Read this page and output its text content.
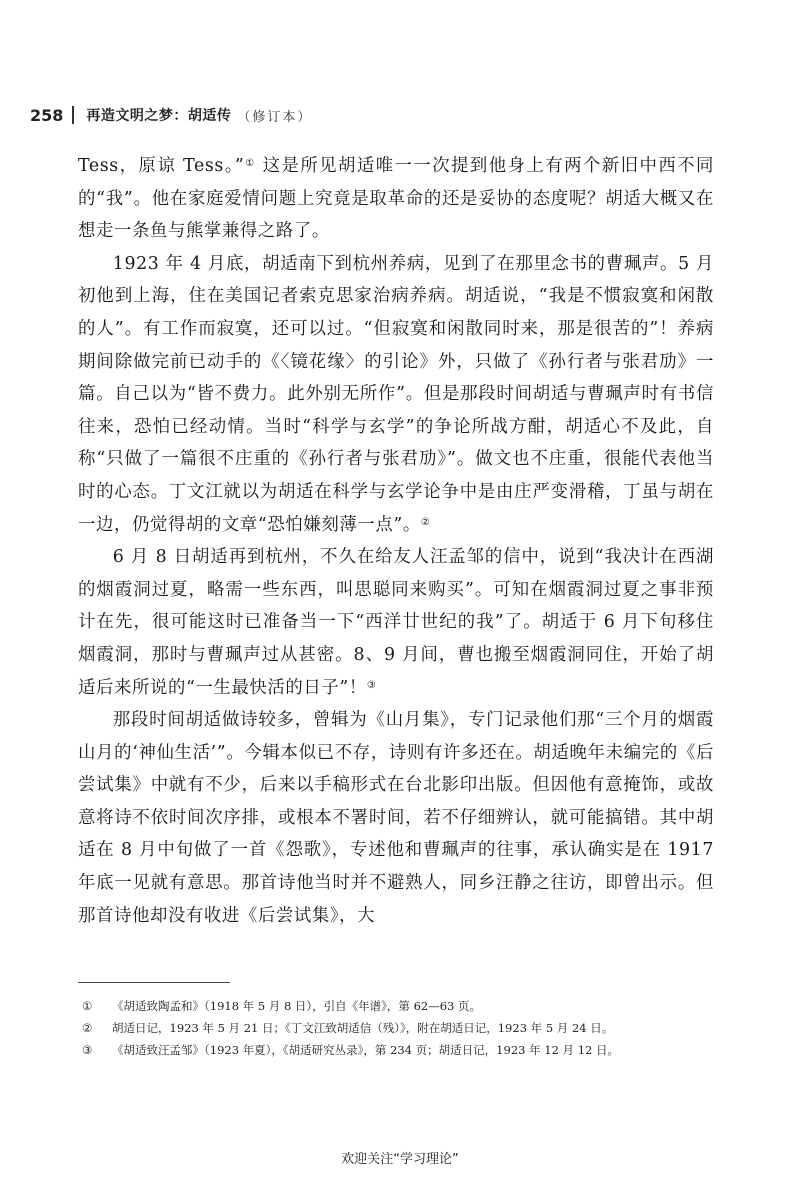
258 再造文明之梦：胡适传 （修订本）

Tess，原谅 Tess。”① 这是所见胡适唯一一次提到他身上有两个新旧中西不同的“我”。他在家庭爱情问题上究竟是取革命的还是妥协的态度呢？胡适大概又在想走一条鱼与熊掌兼得之路了。

1923 年 4 月底，胡适南下到杭州养病，见到了在那里念书的曹珮声。5 月初他到上海，住在美国记者索克思家治病养病。胡适说，“我是不惯寂寞和闲散的人”。有工作而寂寞，还可以过。“但寂寞和闲散同时来，那是很苦的”！养病期间除做完前已动手的《〈镜花缘〉的引论》外，只做了《孙行者与张君劢》一篇。自己以为“皆不费力。此外别无所作”。但是那段时间胡适与曹珮声时有书信往来，恐怕已经动情。当时“科学与玄学”的争论所战方酣，胡适心不及此，自称“只做了一篇很不庄重的《孙行者与张君劢》”。做文也不庄重，很能代表他当时的心态。丁文江就以为胡适在科学与玄学论争中是由庄严变滑稽，丁虽与胡在一边，仍觉得胡的文章“恐怕嫌刻薄一点”。②

6 月 8 日胡适再到杭州，不久在给友人汪孟邹的信中，说到“我决计在西湖的烟霞洞过夏，略需一些东西，叫思聪同来购买”。可知在烟霞洞过夏之事非预计在先，很可能这时已准备当一下“西洋廿世纪的我”了。胡适于 6 月下旬移住烟霞洞，那时与曹珮声过从甚密。8、9 月间，曹也搬至烟霞洞同住，开始了胡适后来所说的“一生最快活的日子”！③

那段时间胡适做诗较多，曾辑为《山月集》，专门记录他们那“三个月的烟霞山月的‘神仙生活’”。今辑本似已不存，诗则有许多还在。胡适晚年未编完的《后尝试集》中就有不少，后来以手稿形式在台北影印出版。但因他有意掩饰，或故意将诗不依时间次序排，或根本不署时间，若不仔细辨认，就可能搞错。其中胡适在 8 月中旬做了一首《怨歌》，专述他和曹珮声的往事，承认确实是在 1917 年底一见就有意思。那首诗他当时并不避熟人，同乡汪静之往访，即曾出示。但那首诗他却没有收进《后尝试集》，大

①	《胡适致陶孟和》（1918 年 5 月 8 日），引自《年谱》，第 62—63 页。
②	胡适日记，1923 年 5 月 21 日；《丁文江致胡适信（残）》，附在胡适日记，1923 年 5 月 24 日。
③	《胡适致汪孟邹》（1923 年夏），《胡适研究丛录》，第 234 页；胡适日记，1923 年 12 月 12 日。
欢迎关注“学习理论”
